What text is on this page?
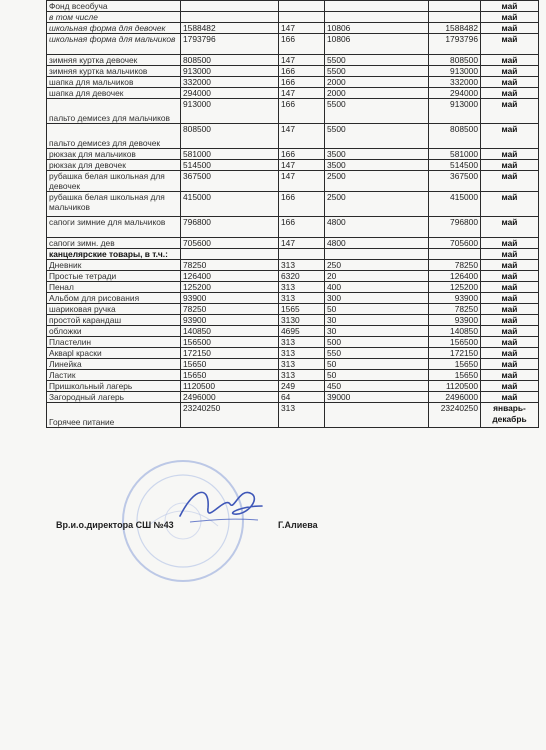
Фонд всеобуча					май
в том числе					май
школьная форма для девочек	1588482	147	10806	1588482	май
школьная форма для мальчиков	1793796	166	10806	1793796	май
зимняя куртка девочек	808500	147	5500	808500	май
зимняя куртка мальчиков	913000	166	5500	913000	май
шапка для мальчиков	332000	166	2000	332000	май
шапка для девочек	294000	147	2000	294000	май
пальто демисез для мальчиков	913000	166	5500	913000	май
пальто демисез для девочек	808500	147	5500	808500	май
рюкзак для мальчиков	581000	166	3500	581000	май
рюкзак для девочек	514500	147	3500	514500	май
рубашка белая школьная для девочек	367500	147	2500	367500	май
рубашка белая школьная для мальчиков	415000	166	2500	415000	май
сапоги зимние для мальчиков	796800	166	4800	796800	май
сапоги зимн. дев	705600	147	4800	705600	май
канцелярские товары, в т.ч.:					май
Дневник	78250	313	250	78250	май
Простые тетради	126400	6320	20	126400	май
Пенал	125200	313	400	125200	май
Альбом для рисования	93900	313	300	93900	май
шариковая ручка	78250	1565	50	78250	май
простой карандаш	93900	3130	30	93900	май
обложки	140850	4695	30	140850	май
Пластелин	156500	313	500	156500	май
Акварl краски	172150	313	550	172150	май
Линейка	15650	313	50	15650	май
Ластик	15650	313	50	15650	май
Пришкольный лагерь	1120500	249	450	1120500	май
Загородный лагерь	2496000	64	39000	2496000	май
Горячее питание	23240250	313		23240250	январь-декабрь
Вр.и.о.директора СШ №43	Г.Алиева
